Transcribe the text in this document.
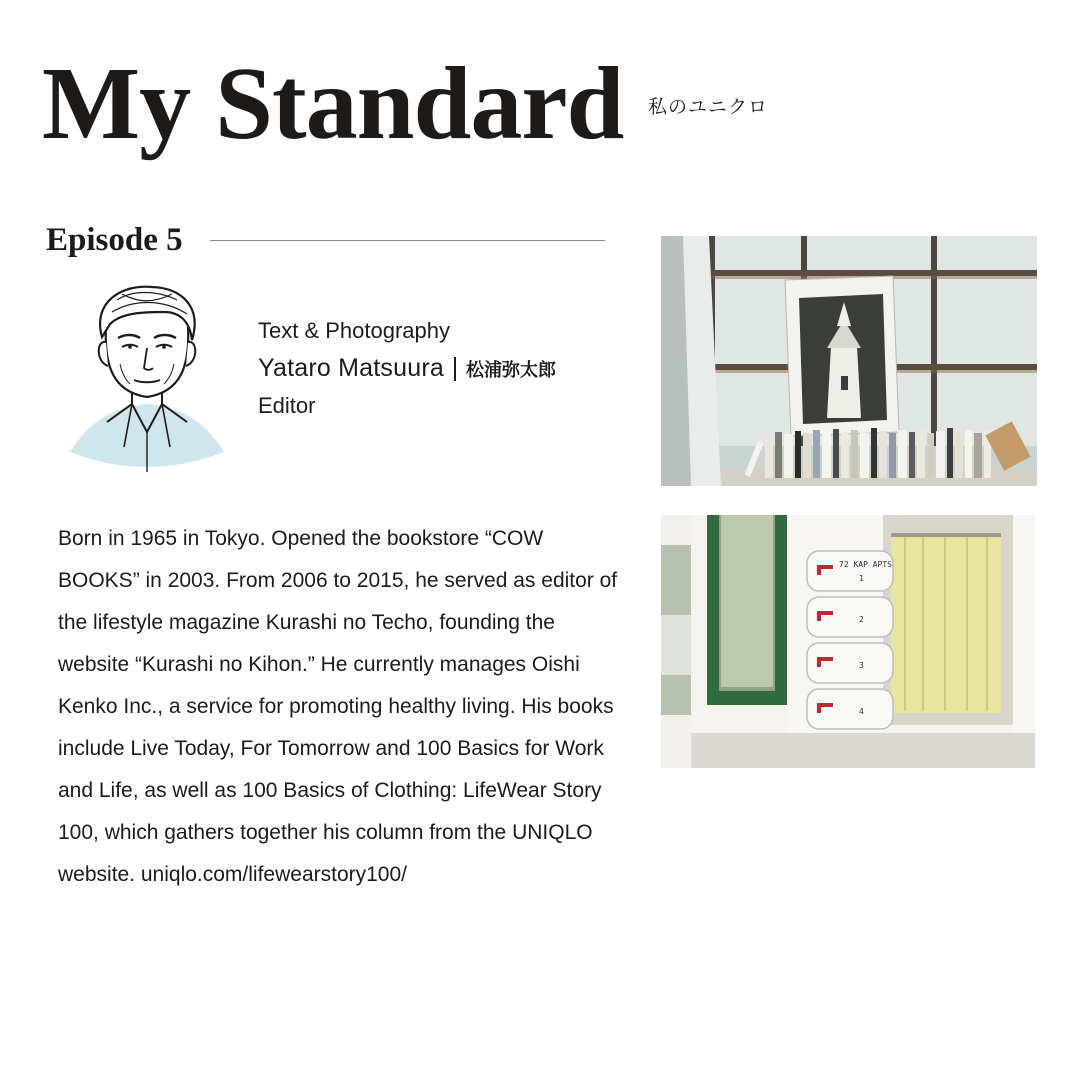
My Standard 私のユニクロ
Episode 5
Text & Photography
Yataro Matsuura 松浦弥太郎
Editor

Born in 1965 in Tokyo. Opened the bookstore “COW BOOKS” in 2003. From 2006 to 2015, he served as editor of the lifestyle magazine Kurashi no Techo, founding the website “Kurashi no Kihon.” He currently manages Oishi Kenko Inc., a service for promoting healthy living. His books include Live Today, For Tomorrow and 100 Basics for Work and Life, as well as 100 Basics of Clothing: LifeWear Story 100, which gathers together his column from the UNIQLO website. uniqlo.com/lifewearstory100/

72 KAP APTS
1
2
3
4
